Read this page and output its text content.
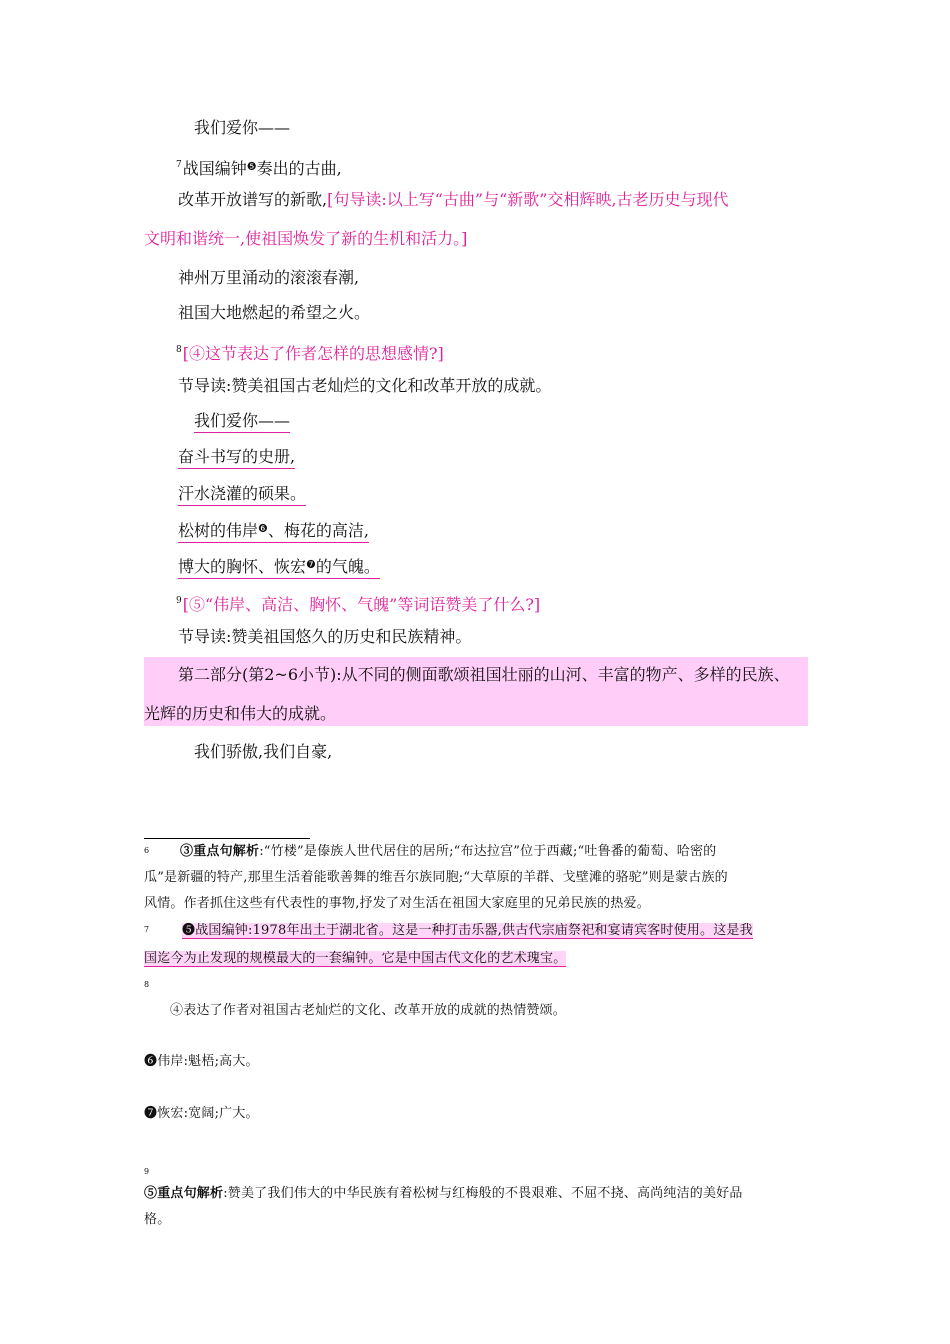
我们爱你——
$^7$战国编钟$^❺$奏出的古曲,
改革开放谱写的新歌,[句导读:以上写“古曲”与“新歌”交相辉映,古老历史与现代
文明和谐统一,使祖国焕发了新的生机和活力。]
神州万里涌动的滚滚春潮,
祖国大地燃起的希望之火。
$^8$[④这节表达了作者怎样的思想感情?]
节导读:赞美祖国古老灿烂的文化和改革开放的成就。
我们爱你——
奋斗书写的史册,
汗水浇灌的硕果。
松树的伟岸$^❻$、梅花的高洁,
博大的胸怀、恢宏$^❼$的气魄。
$^9$[⑤“伟岸、高洁、胸怀、气魄”等词语赞美了什么?]
节导读:赞美祖国悠久的历史和民族精神。
第二部分(第2~6小节):从不同的侧面歌颂祖国壮丽的山河、丰富的物产、多样的民族、
光辉的历史和伟大的成就。
我们骄傲,我们自豪,
6 ③重点句解析:“竹楼”是傣族人世代居住的居所;“布达拉宫”位于西藏;“吐鲁番的葡萄、哈密的
瓜”是新疆的特产,那里生活着能歌善舞的维吾尔族同胞;“大草原的羊群、戈壁滩的骆驼”则是蒙古族的
风情。作者抓住这些有代表性的事物,抒发了对生活在祖国大家庭里的兄弟民族的热爱。
7	❺战国编钟:1978年出土于湖北省。这是一种打击乐器,供古代宗庙祭祀和宴请宾客时使用。这是我
国迄今为止发现的规模最大的一套编钟。它是中国古代文化的艺术瑰宝。
8
④表达了作者对祖国古老灿烂的文化、改革开放的成就的热情赞颂。
❻伟岸:魁梧;高大。
❼恢宏:宽阔;广大。
9
⑤重点句解析:赞美了我们伟大的中华民族有着松树与红梅般的不畏艰难、不屈不挠、高尚纯洁的美好品
格。
